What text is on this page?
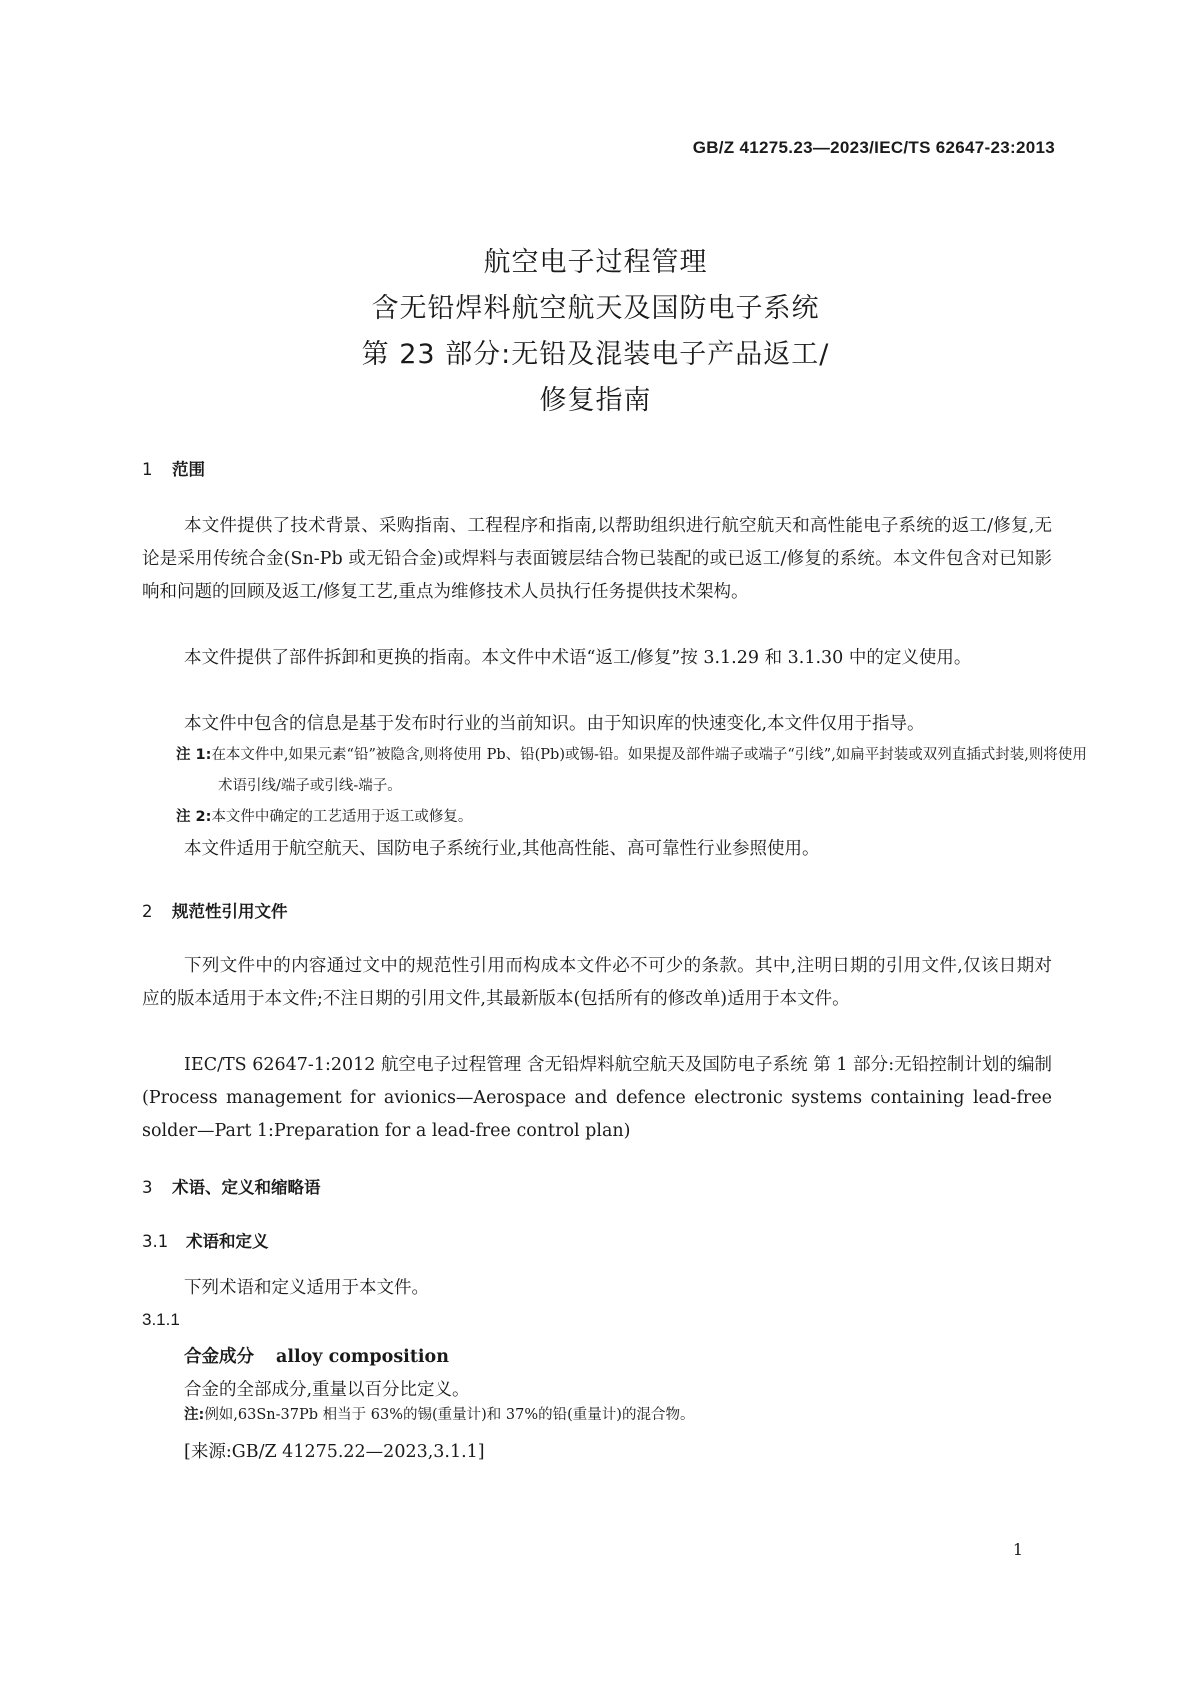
GB/Z 41275.23—2023/IEC/TS 62647-23:2013
航空电子过程管理
含无铅焊料航空航天及国防电子系统
第 23 部分:无铅及混装电子产品返工/
修复指南
1 范围
本文件提供了技术背景、采购指南、工程程序和指南,以帮助组织进行航空航天和高性能电子系统的返工/修复,无论是采用传统合金(Sn-Pb 或无铅合金)或焊料与表面镀层结合物已装配的或已返工/修复的系统。本文件包含对已知影响和问题的回顾及返工/修复工艺,重点为维修技术人员执行任务提供技术架构。
本文件提供了部件拆卸和更换的指南。本文件中术语“返工/修复”按 3.1.29 和 3.1.30 中的定义使用。
本文件中包含的信息是基于发布时行业的当前知识。由于知识库的快速变化,本文件仅用于指导。
注 1:在本文件中,如果元素“铅”被隐含,则将使用 Pb、铅(Pb)或锡-铅。如果提及部件端子或端子“引线”,如扁平封装或双列直插式封装,则将使用术语引线/端子或引线-端子。
注 2:本文件中确定的工艺适用于返工或修复。
本文件适用于航空航天、国防电子系统行业,其他高性能、高可靠性行业参照使用。
2 规范性引用文件
下列文件中的内容通过文中的规范性引用而构成本文件必不可少的条款。其中,注明日期的引用文件,仅该日期对应的版本适用于本文件;不注日期的引用文件,其最新版本(包括所有的修改单)适用于本文件。
IEC/TS 62647-1:2012 航空电子过程管理 含无铅焊料航空航天及国防电子系统 第 1 部分:无铅控制计划的编制(Process management for avionics—Aerospace and defence electronic systems containing lead-free solder—Part 1:Preparation for a lead-free control plan)
3 术语、定义和缩略语
3.1 术语和定义
下列术语和定义适用于本文件。
3.1.1
合金成分 alloy composition
合金的全部成分,重量以百分比定义。
注:例如,63Sn-37Pb 相当于 63%的锡(重量计)和 37%的铅(重量计)的混合物。
[来源:GB/Z 41275.22—2023,3.1.1]
1
